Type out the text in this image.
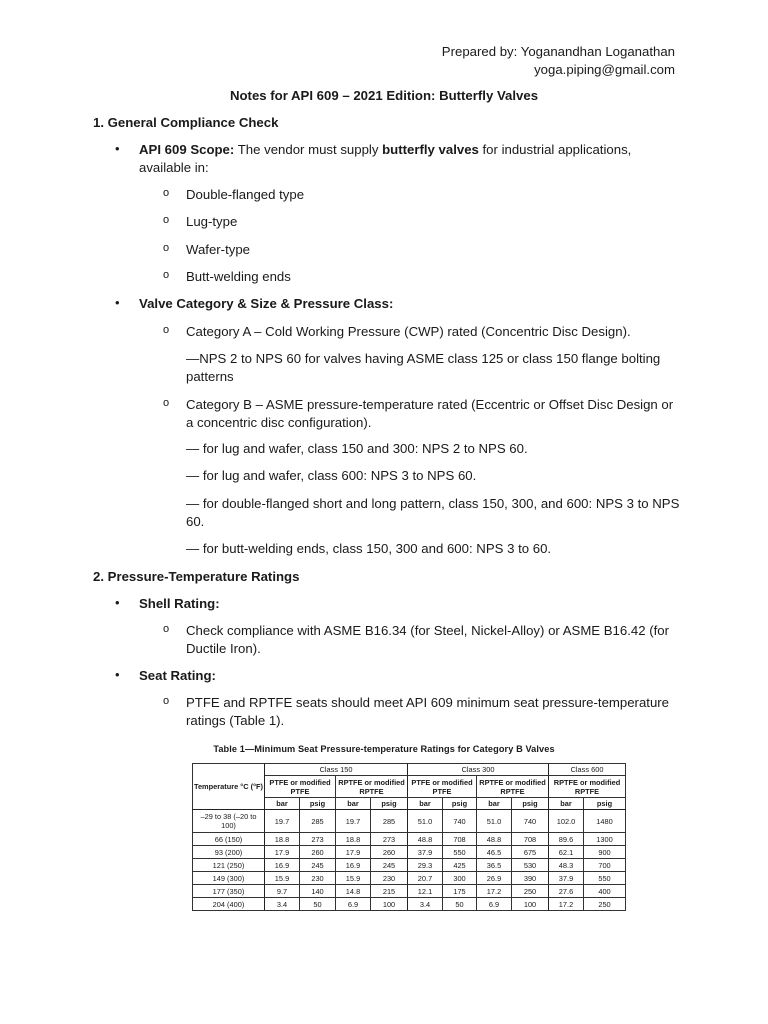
Prepared by: Yoganandhan Loganathan
yoga.piping@gmail.com
Notes for API 609 – 2021 Edition: Butterfly Valves
1. General Compliance Check
• API 609 Scope: The vendor must supply butterfly valves for industrial applications, available in:
o Double-flanged type
o Lug-type
o Wafer-type
o Butt-welding ends
• Valve Category & Size & Pressure Class:
o Category A – Cold Working Pressure (CWP) rated (Concentric Disc Design).
—NPS 2 to NPS 60 for valves having ASME class 125 or class 150 flange bolting patterns
o Category B – ASME pressure-temperature rated (Eccentric or Offset Disc Design or a concentric disc configuration).
— for lug and wafer, class 150 and 300: NPS 2 to NPS 60.
— for lug and wafer, class 600: NPS 3 to NPS 60.
— for double-flanged short and long pattern, class 150, 300, and 600: NPS 3 to NPS 60.
— for butt-welding ends, class 150, 300 and 600: NPS 3 to 60.
2. Pressure-Temperature Ratings
• Shell Rating:
o Check compliance with ASME B16.34 (for Steel, Nickel-Alloy) or ASME B16.42 (for Ductile Iron).
• Seat Rating:
o PTFE and RPTFE seats should meet API 609 minimum seat pressure-temperature ratings (Table 1).
Table 1—Minimum Seat Pressure-temperature Ratings for Category B Valves
Temperature °C (°F)	Class 150				Class 300				Class 600	
	PTFE or modified PTFE		RPTFE or modified RPTFE		PTFE or modified PTFE		RPTFE or modified RPTFE		RPTFE or modified RPTFE	
	bar	psig	bar	psig	bar	psig	bar	psig	bar	psig
–29 to 38 (–20 to 100)	19.7	285	19.7	285	51.0	740	51.0	740	102.0	1480
66 (150)	18.8	273	18.8	273	48.8	708	48.8	708	89.6	1300
93 (200)	17.9	260	17.9	260	37.9	550	46.5	675	62.1	900
121 (250)	16.9	245	16.9	245	29.3	425	36.5	530	48.3	700
149 (300)	15.9	230	15.9	230	20.7	300	26.9	390	37.9	550
177 (350)	9.7	140	14.8	215	12.1	175	17.2	250	27.6	400
204 (400)	3.4	50	6.9	100	3.4	50	6.9	100	17.2	250
